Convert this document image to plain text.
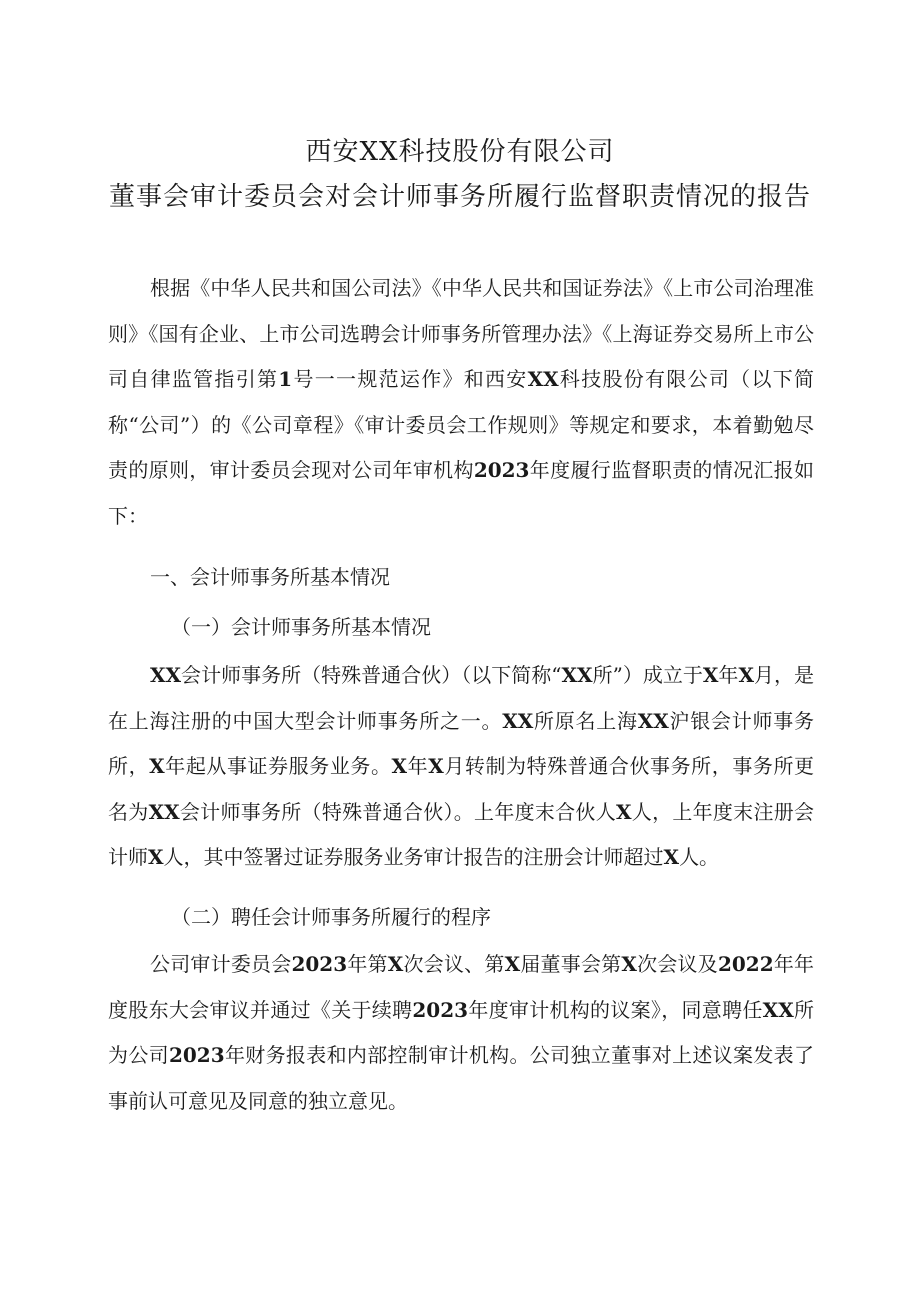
西安XX科技股份有限公司
董事会审计委员会对会计师事务所履行监督职责情况的报告

根据《中华人民共和国公司法》《中华人民共和国证券法》《上市公司治理准则》《国有企业、上市公司选聘会计师事务所管理办法》《上海证券交易所上市公司自律监管指引第1号一一规范运作》和西安XX科技股份有限公司（以下简称“公司”）的《公司章程》《审计委员会工作规则》等规定和要求，本着勤勉尽责的原则，审计委员会现对公司年审机构2023年度履行监督职责的情况汇报如下：

一、会计师事务所基本情况

（一）会计师事务所基本情况

XX会计师事务所（特殊普通合伙）（以下简称“XX所”）成立于X年X月，是在上海注册的中国大型会计师事务所之一。XX所原名上海XX沪银会计师事务所，X年起从事证券服务业务。X年X月转制为特殊普通合伙事务所，事务所更名为XX会计师事务所（特殊普通合伙）。上年度末合伙人X人，上年度末注册会计师X人，其中签署过证券服务业务审计报告的注册会计师超过X人。

（二）聘任会计师事务所履行的程序

公司审计委员会2023年第X次会议、第X届董事会第X次会议及2022年年度股东大会审议并通过《关于续聘2023年度审计机构的议案》，同意聘任XX所为公司2023年财务报表和内部控制审计机构。公司独立董事对上述议案发表了事前认可意见及同意的独立意见。
